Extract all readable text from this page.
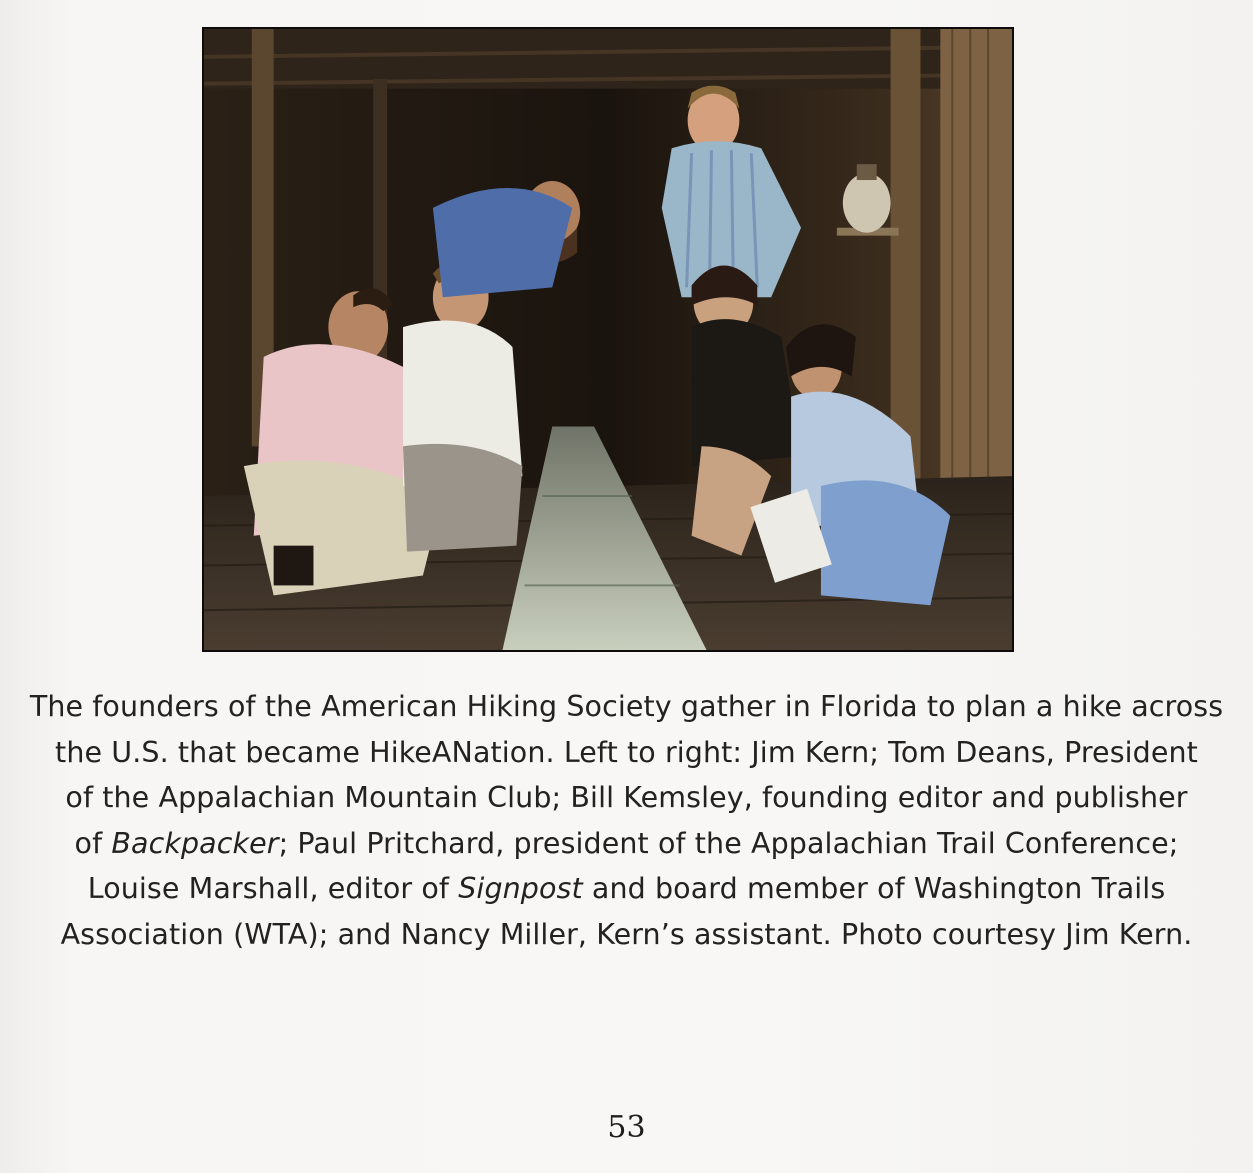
The founders of the American Hiking Society gather in Florida to plan a hike across
the U.S. that became HikeANation. Left to right: Jim Kern; Tom Deans, President
of the Appalachian Mountain Club; Bill Kemsley, founding editor and publisher
of Backpacker; Paul Pritchard, president of the Appalachian Trail Conference;
Louise Marshall, editor of Signpost and board member of Washington Trails
Association (WTA); and Nancy Miller, Kern’s assistant. Photo courtesy Jim Kern.

53
